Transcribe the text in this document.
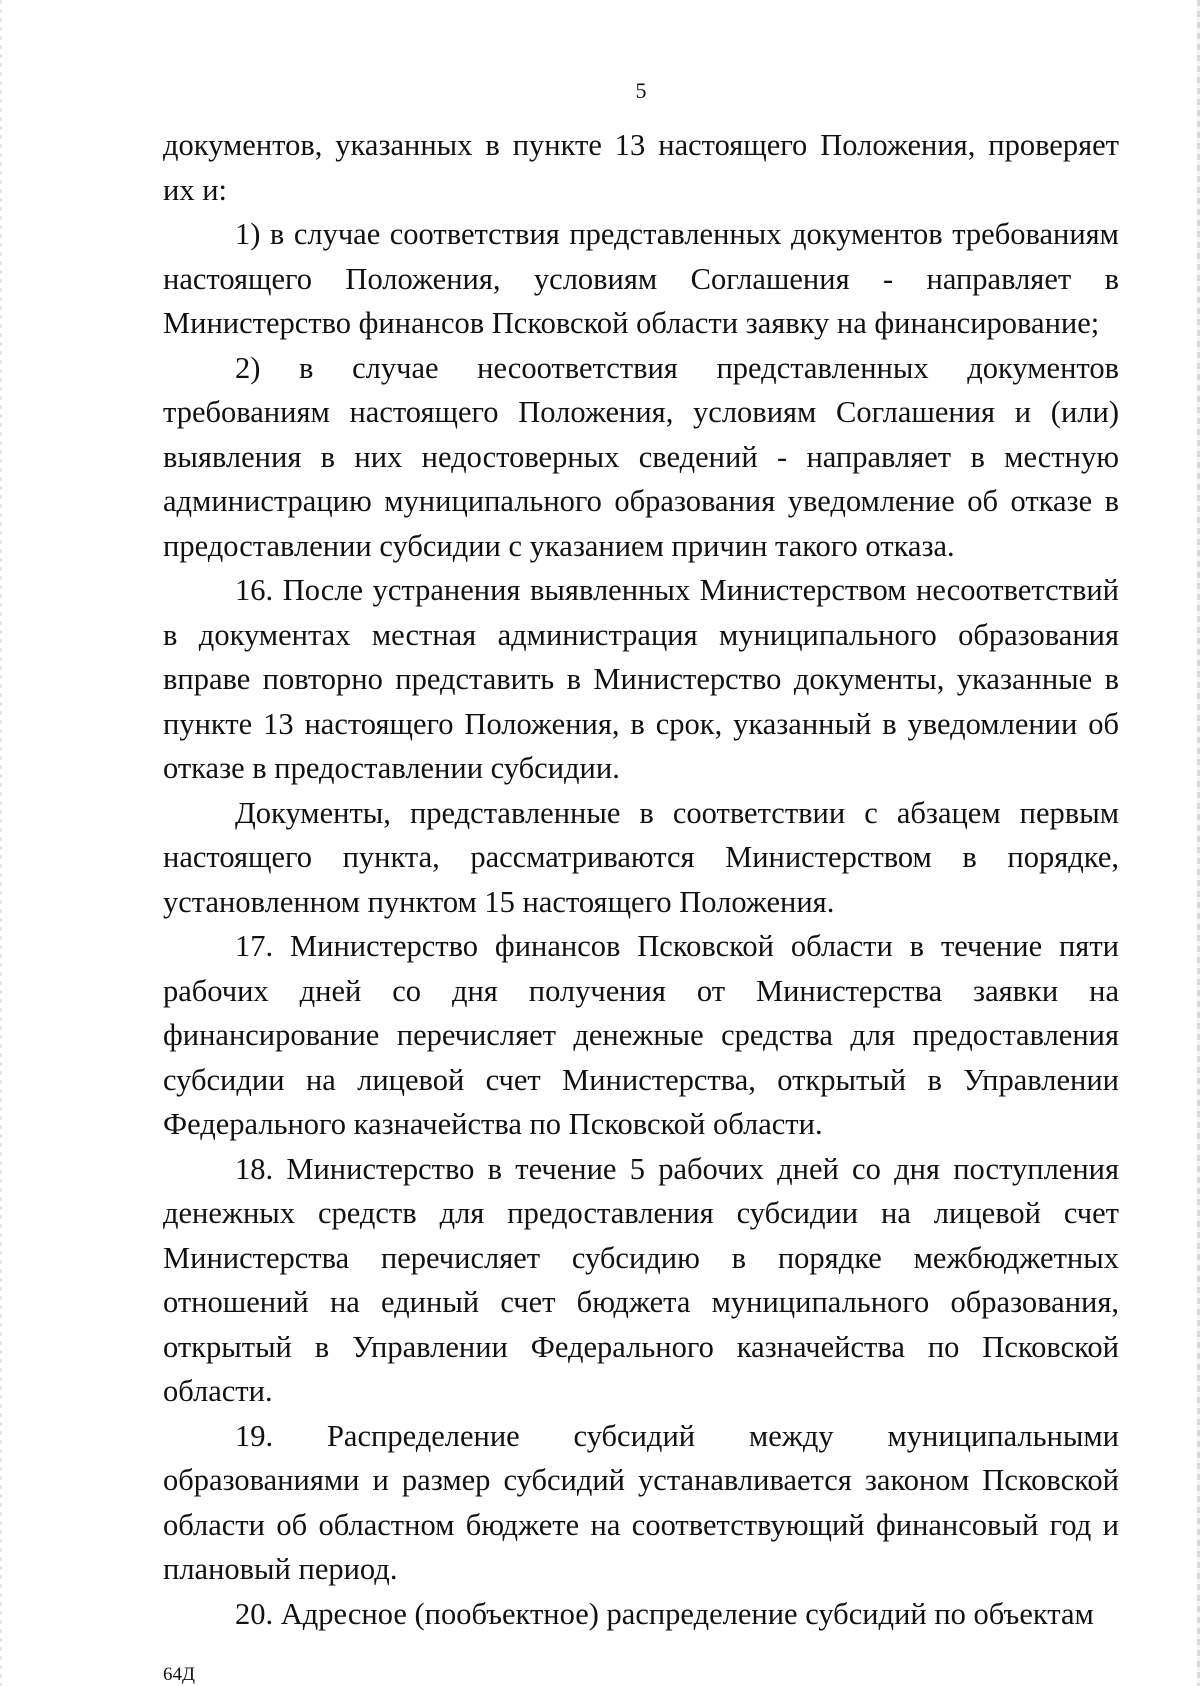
5

документов, указанных в пункте 13 настоящего Положения, проверяет их и:

1) в случае соответствия представленных документов требованиям настоящего Положения, условиям Соглашения - направляет в Министерство финансов Псковской области заявку на финансирование;

2) в случае несоответствия представленных документов требованиям настоящего Положения, условиям Соглашения и (или) выявления в них недостоверных сведений - направляет в местную администрацию муниципального образования уведомление об отказе в предоставлении субсидии с указанием причин такого отказа.

16. После устранения выявленных Министерством несоответствий в документах местная администрация муниципального образования вправе повторно представить в Министерство документы, указанные в пункте 13 настоящего Положения, в срок, указанный в уведомлении об отказе в предоставлении субсидии.

Документы, представленные в соответствии с абзацем первым настоящего пункта, рассматриваются Министерством в порядке, установленном пунктом 15 настоящего Положения.

17. Министерство финансов Псковской области в течение пяти рабочих дней со дня получения от Министерства заявки на финансирование перечисляет денежные средства для предоставления субсидии на лицевой счет Министерства, открытый в Управлении Федерального казначейства по Псковской области.

18. Министерство в течение 5 рабочих дней со дня поступления денежных средств для предоставления субсидии на лицевой счет Министерства перечисляет субсидию в порядке межбюджетных отношений на единый счет бюджета муниципального образования, открытый в Управлении Федерального казначейства по Псковской области.

19. Распределение субсидий между муниципальными образованиями и размер субсидий устанавливается законом Псковской области об областном бюджете на соответствующий финансовый год и плановый период.

20. Адресное (пообъектное) распределение субсидий по объектам

64Д
